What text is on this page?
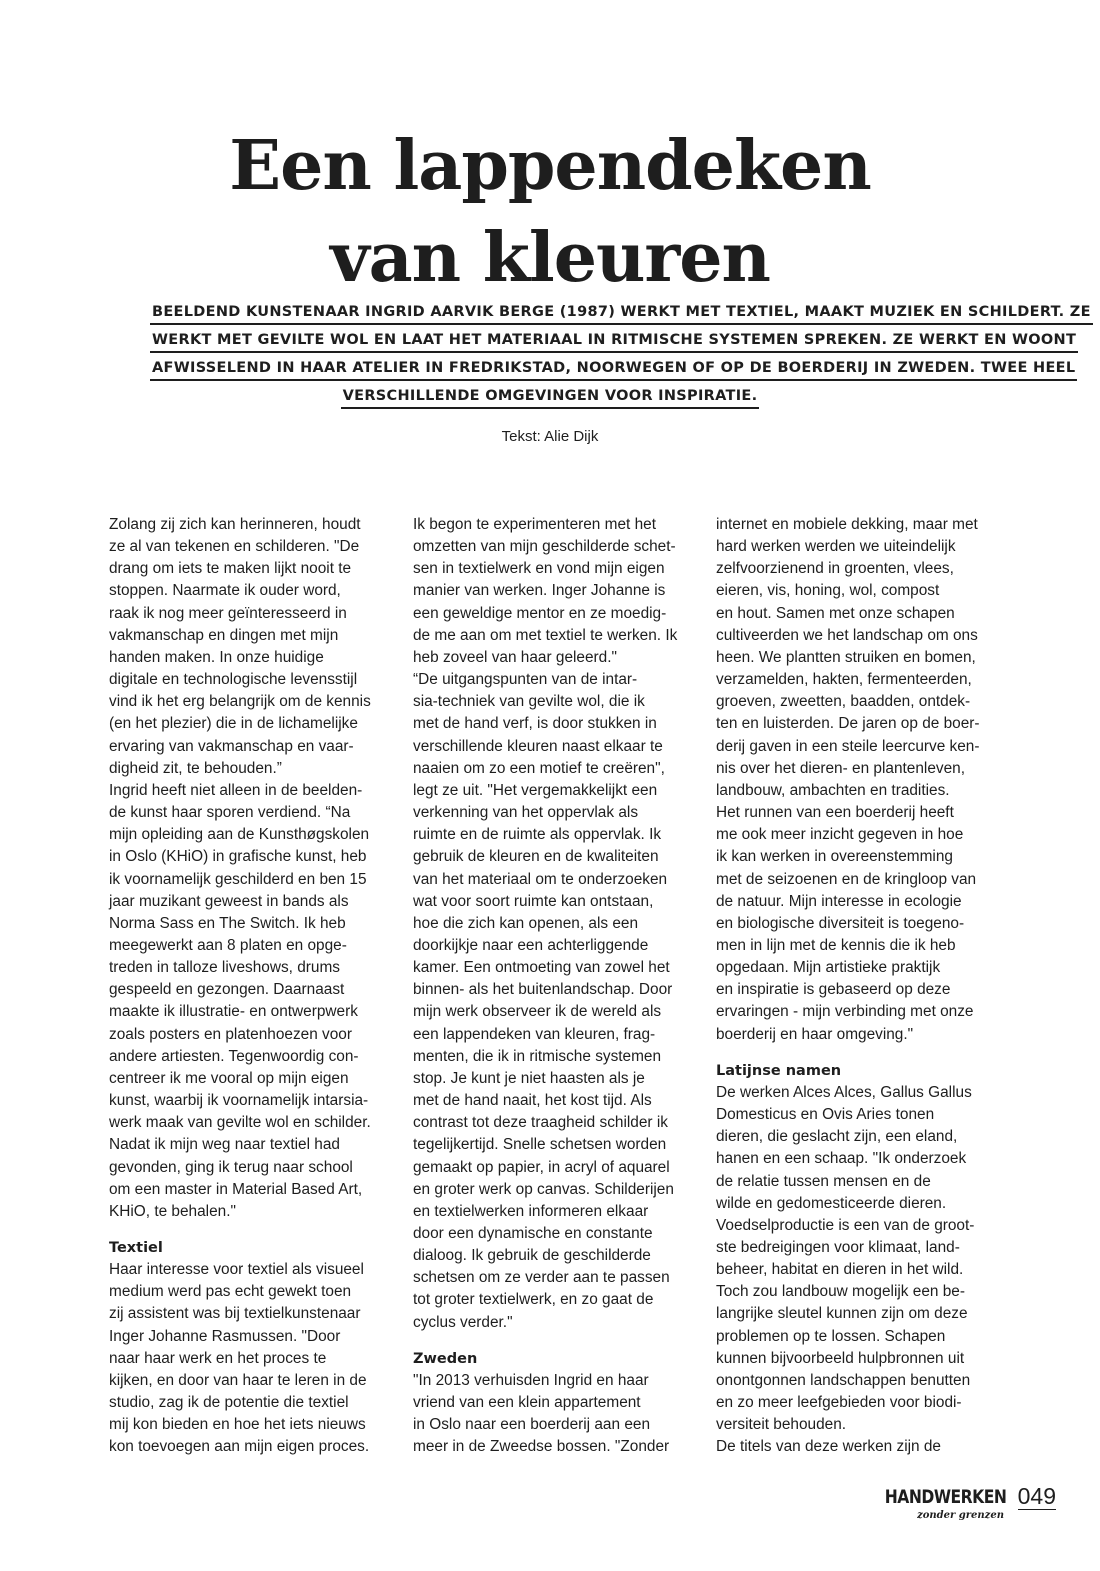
Een lappendeken
van kleuren
BEELDEND KUNSTENAAR INGRID AARVIK BERGE (1987) WERKT MET TEXTIEL, MAAKT MUZIEK EN SCHILDERT. ZE
WERKT MET GEVILTE WOL EN LAAT HET MATERIAAL IN RITMISCHE SYSTEMEN SPREKEN. ZE WERKT EN WOONT
AFWISSELEND IN HAAR ATELIER IN FREDRIKSTAD, NOORWEGEN OF OP DE BOERDERIJ IN ZWEDEN. TWEE HEEL
VERSCHILLENDE OMGEVINGEN VOOR INSPIRATIE.
Tekst: Alie Dijk
Zolang zij zich kan herinneren, houdt
ze al van tekenen en schilderen. "De
drang om iets te maken lijkt nooit te
stoppen. Naarmate ik ouder word,
raak ik nog meer geïnteresseerd in
vakmanschap en dingen met mijn
handen maken. In onze huidige
digitale en technologische levensstijl
vind ik het erg belangrijk om de kennis
(en het plezier) die in de lichamelijke
ervaring van vakmanschap en vaar-
digheid zit, te behouden.”
Ingrid heeft niet alleen in de beelden-
de kunst haar sporen verdiend. “Na
mijn opleiding aan de Kunsthøgskolen
in Oslo (KHiO) in grafische kunst, heb
ik voornamelijk geschilderd en ben 15
jaar muzikant geweest in bands als
Norma Sass en The Switch. Ik heb
meegewerkt aan 8 platen en opge-
treden in talloze liveshows, drums
gespeeld en gezongen. Daarnaast
maakte ik illustratie- en ontwerpwerk
zoals posters en platenhoezen voor
andere artiesten. Tegenwoordig con-
centreer ik me vooral op mijn eigen
kunst, waarbij ik voornamelijk intarsia-
werk maak van gevilte wol en schilder.
Nadat ik mijn weg naar textiel had
gevonden, ging ik terug naar school
om een master in Material Based Art,
KHiO, te behalen."
Textiel
Haar interesse voor textiel als visueel
medium werd pas echt gewekt toen
zij assistent was bij textielkunstenaar
Inger Johanne Rasmussen. "Door
naar haar werk en het proces te
kijken, en door van haar te leren in de
studio, zag ik de potentie die textiel
mij kon bieden en hoe het iets nieuws
kon toevoegen aan mijn eigen proces.
Ik begon te experimenteren met het
omzetten van mijn geschilderde schet-
sen in textielwerk en vond mijn eigen
manier van werken. Inger Johanne is
een geweldige mentor en ze moedig-
de me aan om met textiel te werken. Ik
heb zoveel van haar geleerd."
“De uitgangspunten van de intar-
sia-techniek van gevilte wol, die ik
met de hand verf, is door stukken in
verschillende kleuren naast elkaar te
naaien om zo een motief te creëren",
legt ze uit. "Het vergemakkelijkt een
verkenning van het oppervlak als
ruimte en de ruimte als oppervlak. Ik
gebruik de kleuren en de kwaliteiten
van het materiaal om te onderzoeken
wat voor soort ruimte kan ontstaan,
hoe die zich kan openen, als een
doorkijkje naar een achterliggende
kamer. Een ontmoeting van zowel het
binnen- als het buitenlandschap. Door
mijn werk observeer ik de wereld als
een lappendeken van kleuren, frag-
menten, die ik in ritmische systemen
stop. Je kunt je niet haasten als je
met de hand naait, het kost tijd. Als
contrast tot deze traagheid schilder ik
tegelijkertijd. Snelle schetsen worden
gemaakt op papier, in acryl of aquarel
en groter werk op canvas. Schilderijen
en textielwerken informeren elkaar
door een dynamische en constante
dialoog. Ik gebruik de geschilderde
schetsen om ze verder aan te passen
tot groter textielwerk, en zo gaat de
cyclus verder."
Zweden
"In 2013 verhuisden Ingrid en haar
vriend van een klein appartement
in Oslo naar een boerderij aan een
meer in de Zweedse bossen. "Zonder
internet en mobiele dekking, maar met
hard werken werden we uiteindelijk
zelfvoorzienend in groenten, vlees,
eieren, vis, honing, wol, compost
en hout. Samen met onze schapen
cultiveerden we het landschap om ons
heen. We plantten struiken en bomen,
verzamelden, hakten, fermenteerden,
groeven, zweetten, baadden, ontdek-
ten en luisterden. De jaren op de boer-
derij gaven in een steile leercurve ken-
nis over het dieren- en plantenleven,
landbouw, ambachten en tradities.
Het runnen van een boerderij heeft
me ook meer inzicht gegeven in hoe
ik kan werken in overeenstemming
met de seizoenen en de kringloop van
de natuur. Mijn interesse in ecologie
en biologische diversiteit is toegeno-
men in lijn met de kennis die ik heb
opgedaan. Mijn artistieke praktijk
en inspiratie is gebaseerd op deze
ervaringen - mijn verbinding met onze
boerderij en haar omgeving."
Latijnse namen
De werken Alces Alces, Gallus Gallus
Domesticus en Ovis Aries tonen
dieren, die geslacht zijn, een eland,
hanen en een schaap. "Ik onderzoek
de relatie tussen mensen en de
wilde en gedomesticeerde dieren.
Voedselproductie is een van de groot-
ste bedreigingen voor klimaat, land-
beheer, habitat en dieren in het wild.
Toch zou landbouw mogelijk een be-
langrijke sleutel kunnen zijn om deze
problemen op te lossen. Schapen
kunnen bijvoorbeeld hulpbronnen uit
onontgonnen landschappen benutten
en zo meer leefgebieden voor biodi-
versiteit behouden.
De titels van deze werken zijn de
HANDWERKEN
zonder grenzen
049
